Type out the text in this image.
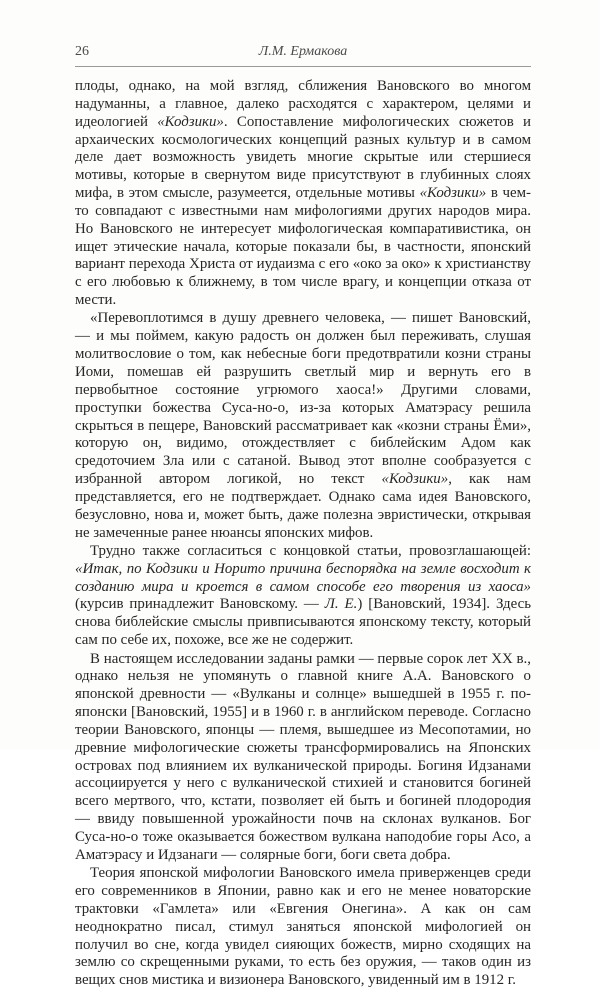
26	Л.М. Ермакова

плоды, однако, на мой взгляд, сближения Вановского во многом надуманны, а главное, далеко расходятся с характером, целями и идеологией «Кодзики». Сопоставление мифологических сюжетов и архаических космологических концепций разных культур и в самом деле дает возможность увидеть многие скрытые или стершиеся мотивы, которые в свернутом виде присутствуют в глубинных слоях мифа, в этом смысле, разумеется, отдельные мотивы «Кодзики» в чем-то совпадают с известными нам мифологиями других народов мира. Но Вановского не интересует мифологическая компаративистика, он ищет этические начала, которые показали бы, в частности, японский вариант перехода Христа от иудаизма с его «око за око» к христианству с его любовью к ближнему, в том числе врагу, и концепции отказа от мести.

«Перевоплотимся в душу древнего человека, — пишет Вановский, — и мы поймем, какую радость он должен был переживать, слушая молитвословие о том, как небесные боги предотвратили козни страны Иоми, помешав ей разрушить светлый мир и вернуть его в первобытное состояние угрюмого хаоса!» Другими словами, проступки божества Суса-но-о, из-за которых Аматэрасу решила скрыться в пещере, Вановский рассматривает как «козни страны Ёми», которую он, видимо, отождествляет с библейским Адом как средоточием Зла или с сатаной. Вывод этот вполне сообразуется с избранной автором логикой, но текст «Кодзики», как нам представляется, его не подтверждает. Однако сама идея Вановского, безусловно, нова и, может быть, даже полезна эвристически, открывая не замеченные ранее нюансы японских мифов.

Трудно также согласиться с концовкой статьи, провозглашающей: «Итак, по Кодзики и Норито причина беспорядка на земле восходит к созданию мира и кроется в самом способе его творения из хаоса» (курсив принадлежит Вановскому. — Л. Е.) [Вановский, 1934]. Здесь снова библейские смыслы привписываются японскому тексту, который сам по себе их, похоже, все же не содержит.

В настоящем исследовании заданы рамки — первые сорок лет XX в., однако нельзя не упомянуть о главной книге А.А. Вановского о японской древности — «Вулканы и солнце» вышедшей в 1955 г. по-японски [Вановский, 1955] и в 1960 г. в английском переводе. Согласно теории Вановского, японцы — племя, вышедшее из Месопотамии, но древние мифологические сюжеты трансформировались на Японских островах под влиянием их вулканической природы. Богиня Идзанами ассоциируется у него с вулканической стихией и становится богиней всего мертвого, что, кстати, позволяет ей быть и богиней плодородия — ввиду повышенной урожайности почв на склонах вулканов. Бог Суса-но-о тоже оказывается божеством вулкана наподобие горы Асо, а Аматэрасу и Идзанаги — солярные боги, боги света добра.

Теория японской мифологии Вановского имела приверженцев среди его современников в Японии, равно как и его не менее новаторские трактовки «Гамлета» или «Евгения Онегина». А как он сам неоднократно писал, стимул заняться японской мифологией он получил во сне, когда увидел сияющих божеств, мирно сходящих на землю со скрещенными руками, то есть без оружия, — таков один из вещих снов мистика и визионера Вановского, увиденный им в 1912 г.
